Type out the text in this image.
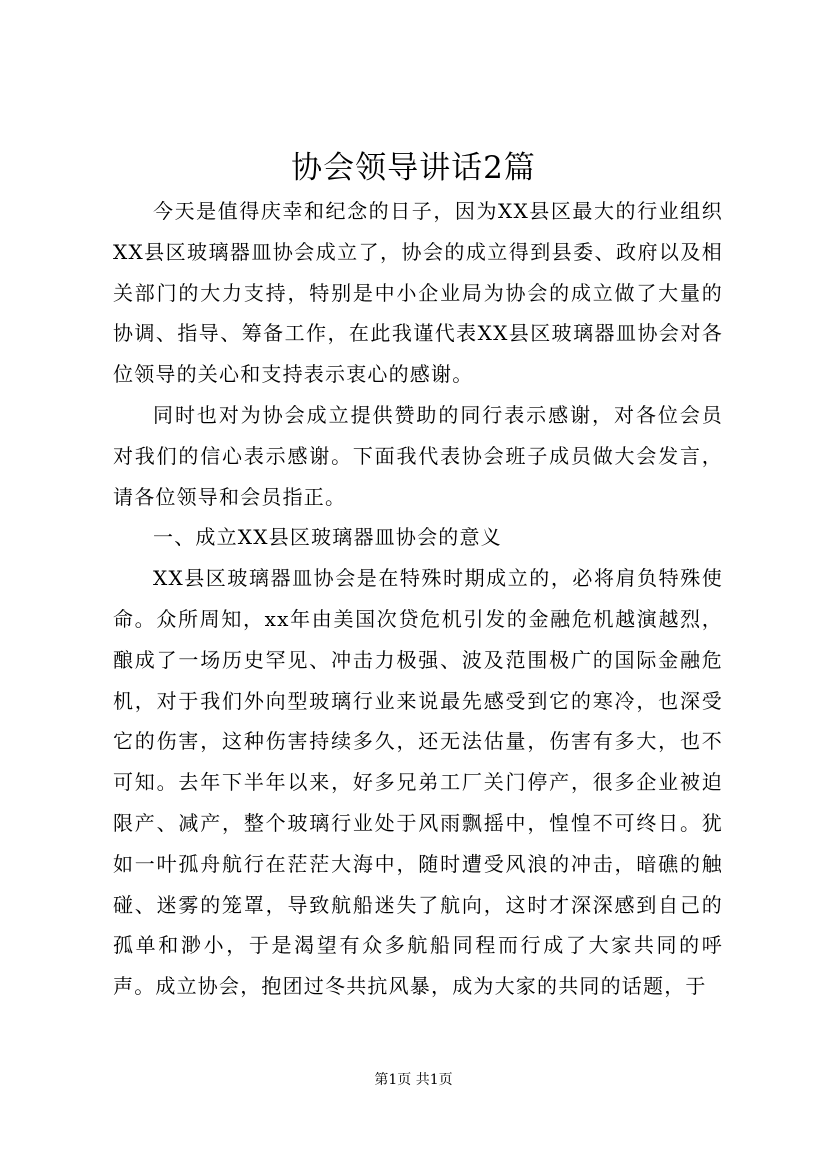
协会领导讲话2篇

今天是值得庆幸和纪念的日子，因为XX县区最大的行业组织XX县区玻璃器皿协会成立了，协会的成立得到县委、政府以及相关部门的大力支持，特别是中小企业局为协会的成立做了大量的协调、指导、筹备工作，在此我谨代表XX县区玻璃器皿协会对各位领导的关心和支持表示衷心的感谢。

同时也对为协会成立提供赞助的同行表示感谢，对各位会员对我们的信心表示感谢。下面我代表协会班子成员做大会发言，请各位领导和会员指正。

一、成立XX县区玻璃器皿协会的意义

XX县区玻璃器皿协会是在特殊时期成立的，必将肩负特殊使命。众所周知，xx年由美国次贷危机引发的金融危机越演越烈，酿成了一场历史罕见、冲击力极强、波及范围极广的国际金融危机，对于我们外向型玻璃行业来说最先感受到它的寒冷，也深受它的伤害，这种伤害持续多久，还无法估量，伤害有多大，也不可知。去年下半年以来，好多兄弟工厂关门停产，很多企业被迫限产、减产，整个玻璃行业处于风雨飘摇中，惶惶不可终日。犹如一叶孤舟航行在茫茫大海中，随时遭受风浪的冲击，暗礁的触碰、迷雾的笼罩，导致航船迷失了航向，这时才深深感到自己的孤单和渺小，于是渴望有众多航船同程而行成了大家共同的呼声。成立协会，抱团过冬共抗风暴，成为大家的共同的话题，于

第1页 共1页
